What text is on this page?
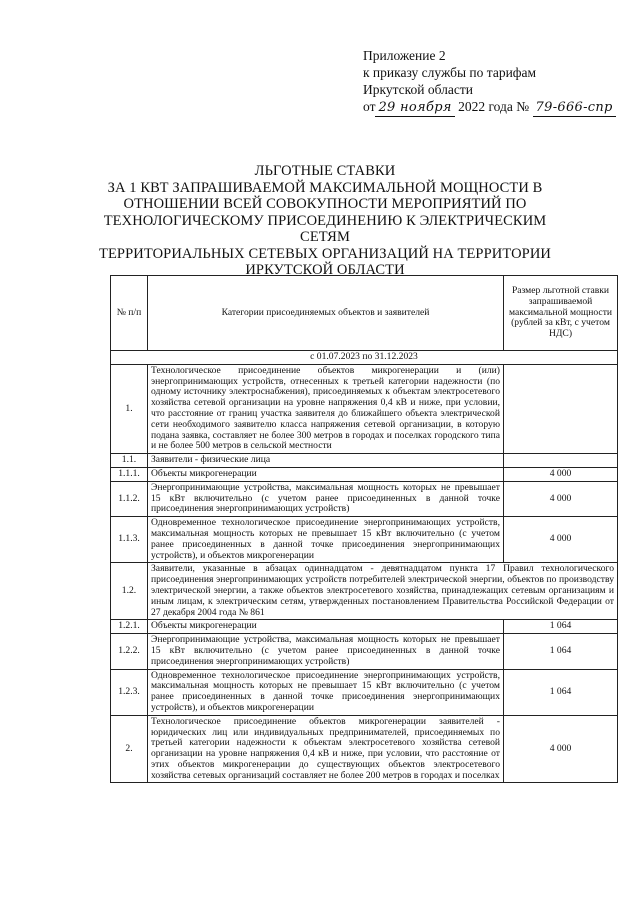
Приложение 2
к приказу службы по тарифам
Иркутской области
от 29 ноября 2022 года № 79-666-спр
ЛЬГОТНЫЕ СТАВКИ
ЗА 1 КВТ ЗАПРАШИВАЕМОЙ МАКСИМАЛЬНОЙ МОЩНОСТИ В
ОТНОШЕНИИ ВСЕЙ СОВОКУПНОСТИ МЕРОПРИЯТИЙ ПО
ТЕХНОЛОГИЧЕСКОМУ ПРИСОЕДИНЕНИЮ К ЭЛЕКТРИЧЕСКИМ СЕТЯМ
ТЕРРИТОРИАЛЬНЫХ СЕТЕВЫХ ОРГАНИЗАЦИЙ НА ТЕРРИТОРИИ
ИРКУТСКОЙ ОБЛАСТИ
№ п/п	Категории присоединяемых объектов и заявителей	Размер льготной ставки запрашиваемой максимальной мощности (рублей за кВт, с учетом НДС)
с 01.07.2023 по 31.12.2023		
1.	Технологическое присоединение объектов микрогенерации и (или) энергопринимающих устройств, отнесенных к третьей категории надежности (по одному источнику электроснабжения), присоединяемых к объектам электросетевого хозяйства сетевой организации на уровне напряжения 0,4 кВ и ниже, при условии, что расстояние от границ участка заявителя до ближайшего объекта электрической сети необходимого заявителю класса напряжения сетевой организации, в которую подана заявка, составляет не более 300 метров в городах и поселках городского типа и не более 500 метров в сельской местности	
1.1.	Заявители - физические лица	
1.1.1.	Объекты микрогенерации	4 000
1.1.2.	Энергопринимающие устройства, максимальная мощность которых не превышает 15 кВт включительно (с учетом ранее присоединенных в данной точке присоединения энергопринимающих устройств)	4 000
1.1.3.	Одновременное технологическое присоединение энергопринимающих устройств, максимальная мощность которых не превышает 15 кВт включительно (с учетом ранее присоединенных в данной точке присоединения энергопринимающих устройств), и объектов микрогенерации	4 000
1.2.	Заявители, указанные в абзацах одиннадцатом - девятнадцатом пункта 17 Правил технологического присоединения энергопринимающих устройств потребителей электрической энергии, объектов по производству электрической энергии, а также объектов электросетевого хозяйства, принадлежащих сетевым организациям и иным лицам, к электрическим сетям, утвержденных постановлением Правительства Российской Федерации от 27 декабря 2004 года № 861	
1.2.1.	Объекты микрогенерации	1 064
1.2.2.	Энергопринимающие устройства, максимальная мощность которых не превышает 15 кВт включительно (с учетом ранее присоединенных в данной точке присоединения энергопринимающих устройств)	1 064
1.2.3.	Одновременное технологическое присоединение энергопринимающих устройств, максимальная мощность которых не превышает 15 кВт включительно (с учетом ранее присоединенных в данной точке присоединения энергопринимающих устройств), и объектов микрогенерации	1 064
2.	Технологическое присоединение объектов микрогенерации заявителей - юридических лиц или индивидуальных предпринимателей, присоединяемых по третьей категории надежности к объектам электросетевого хозяйства сетевой организации на уровне напряжения 0,4 кВ и ниже, при условии, что расстояние от этих объектов микрогенерации до существующих объектов электросетевого хозяйства сетевых организаций составляет не более 200 метров в городах и поселках	4 000
